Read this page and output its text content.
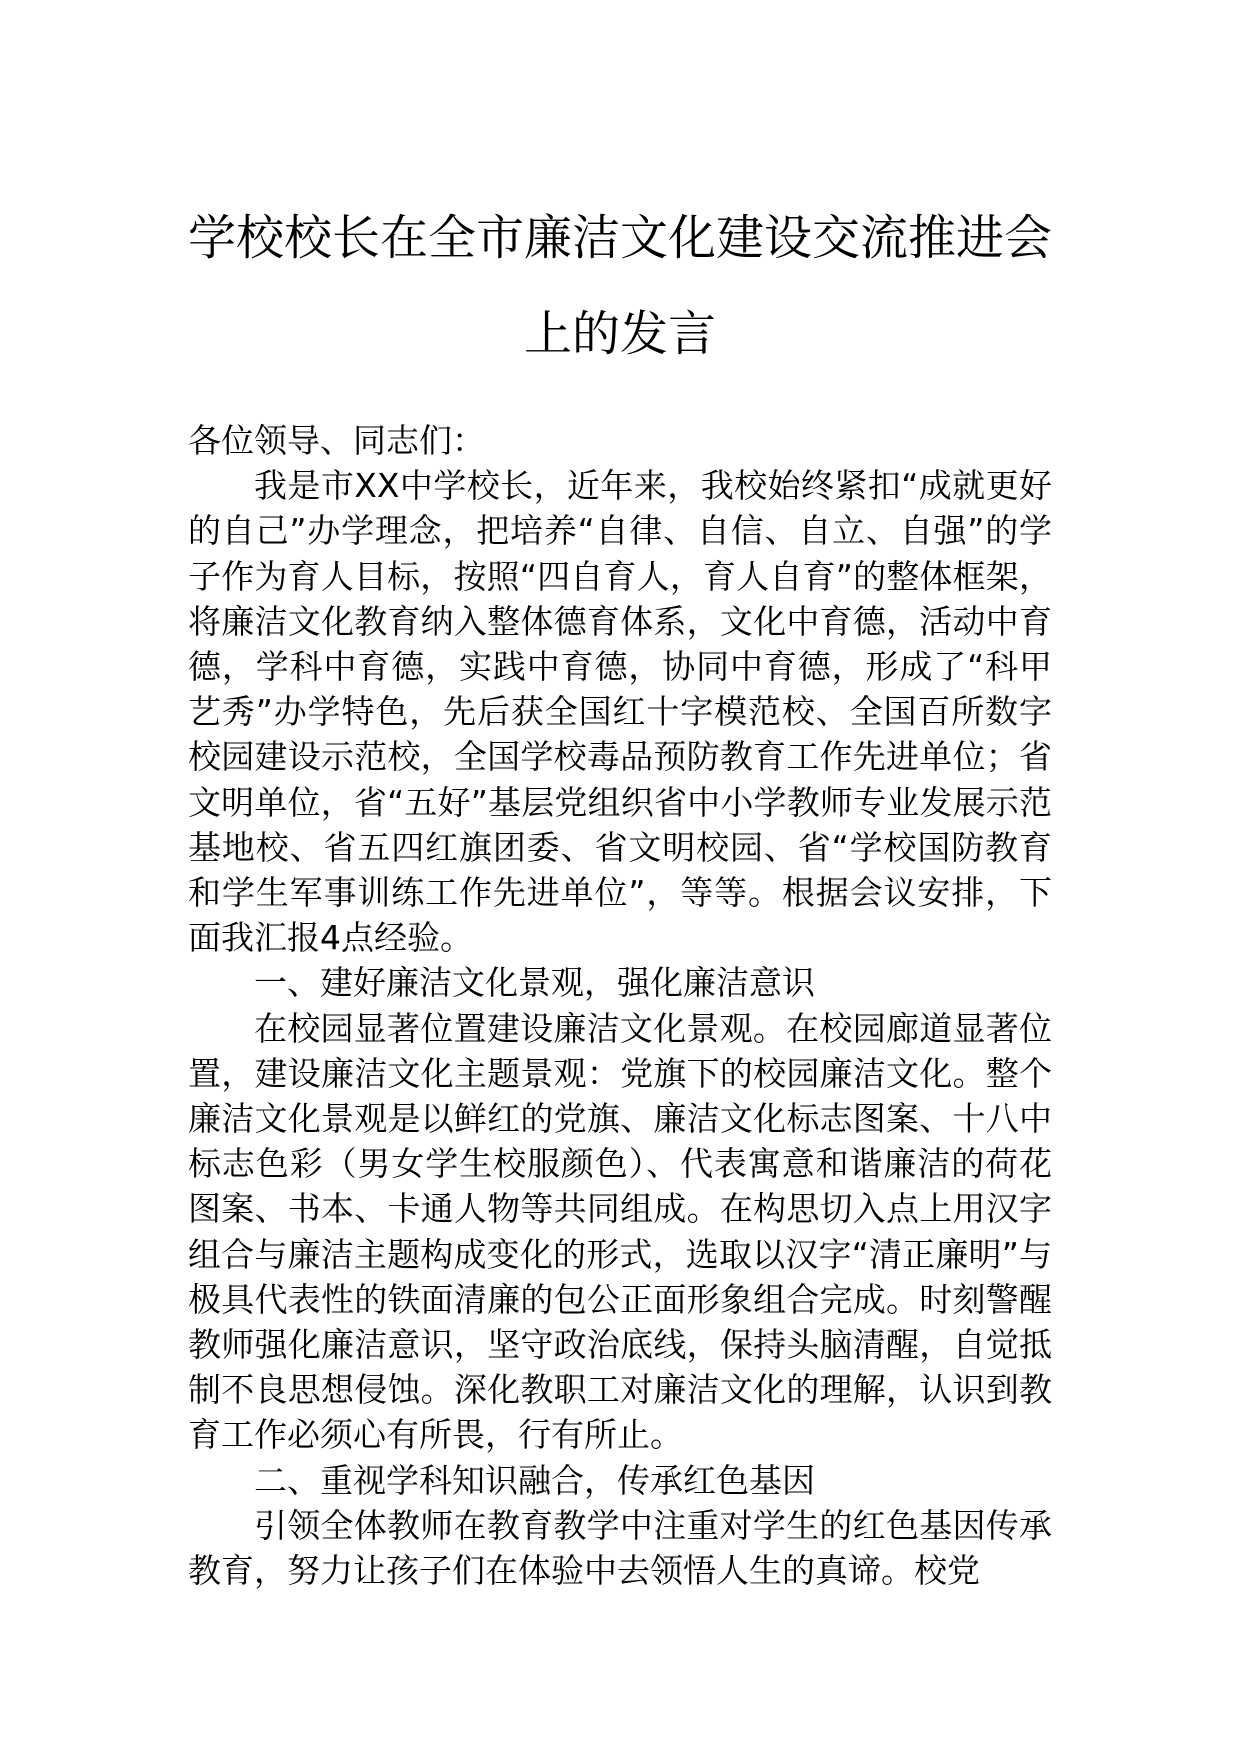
学校校长在全市廉洁文化建设交流推进会
上的发言

各位领导、同志们：

我是市XX中学校长，近年来，我校始终紧扣“成就更好的自己”办学理念，把培养“自律、自信、自立、自强”的学子作为育人目标，按照“四自育人，育人自育”的整体框架，将廉洁文化教育纳入整体德育体系，文化中育德，活动中育德，学科中育德，实践中育德，协同中育德，形成了“科甲艺秀”办学特色，先后获全国红十字模范校、全国百所数字校园建设示范校，全国学校毒品预防教育工作先进单位；省文明单位，省“五好”基层党组织省中小学教师专业发展示范基地校、省五四红旗团委、省文明校园、省“学校国防教育和学生军事训练工作先进单位”，等等。根据会议安排，下面我汇报4点经验。

一、建好廉洁文化景观，强化廉洁意识

在校园显著位置建设廉洁文化景观。在校园廊道显著位置，建设廉洁文化主题景观：党旗下的校园廉洁文化。整个廉洁文化景观是以鲜红的党旗、廉洁文化标志图案、十八中标志色彩（男女学生校服颜色）、代表寓意和谐廉洁的荷花图案、书本、卡通人物等共同组成。在构思切入点上用汉字组合与廉洁主题构成变化的形式，选取以汉字“清正廉明”与极具代表性的铁面清廉的包公正面形象组合完成。时刻警醒教师强化廉洁意识，坚守政治底线，保持头脑清醒，自觉抵制不良思想侵蚀。深化教职工对廉洁文化的理解，认识到教育工作必须心有所畏，行有所止。

二、重视学科知识融合，传承红色基因

引领全体教师在教育教学中注重对学生的红色基因传承教育，努力让孩子们在体验中去领悟人生的真谛。校党
